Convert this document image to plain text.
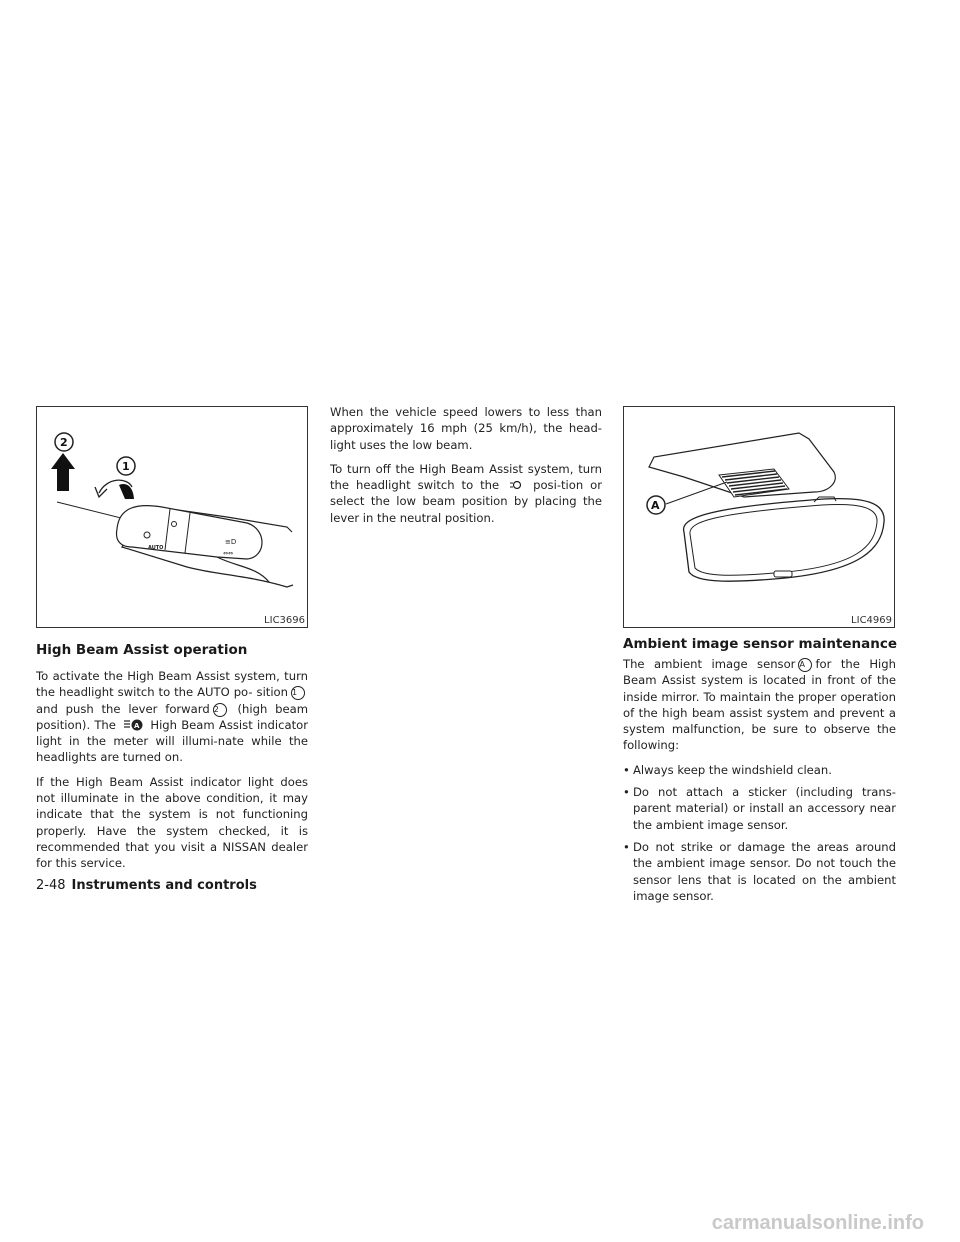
AUTO
≡D
⇔⇔
2
1
LIC3696
High Beam Assist operation

To activate the High Beam Assist system, turn the headlight switch to the AUTO po- sition 1and push the lever forward 2 (high beam position). The	A High Beam Assist indicator light in the meter will illumi-nate while the headlights are turned on.

If the High Beam Assist indicator light does not illuminate in the above condition, it may indicate that the system is not functioning properly. Have the system checked, it is recommended that you visit a NISSAN dealer for this service.

When the vehicle speed lowers to less than approximately 16 mph (25 km/h), the head-light uses the low beam.

To turn off the High Beam Assist system, turn the headlight switch to the	posi-tion or select the low beam position by placing the lever in the neutral position.

A
LIC4969
Ambient image sensor maintenance

The ambient image sensor A for the High Beam Assist system is located in front of the inside mirror. To maintain the proper operation of the high beam assist system and prevent a system malfunction, be sure to observe the following:

• Always keep the windshield clean.
• Do not attach a sticker (including trans-parent material) or install an accessory near the ambient image sensor.
• Do not strike or damage the areas around the ambient image sensor. Do not touch the sensor lens that is located on the ambient image sensor.
2-48 Instruments and controls
carmanualsonline.info
